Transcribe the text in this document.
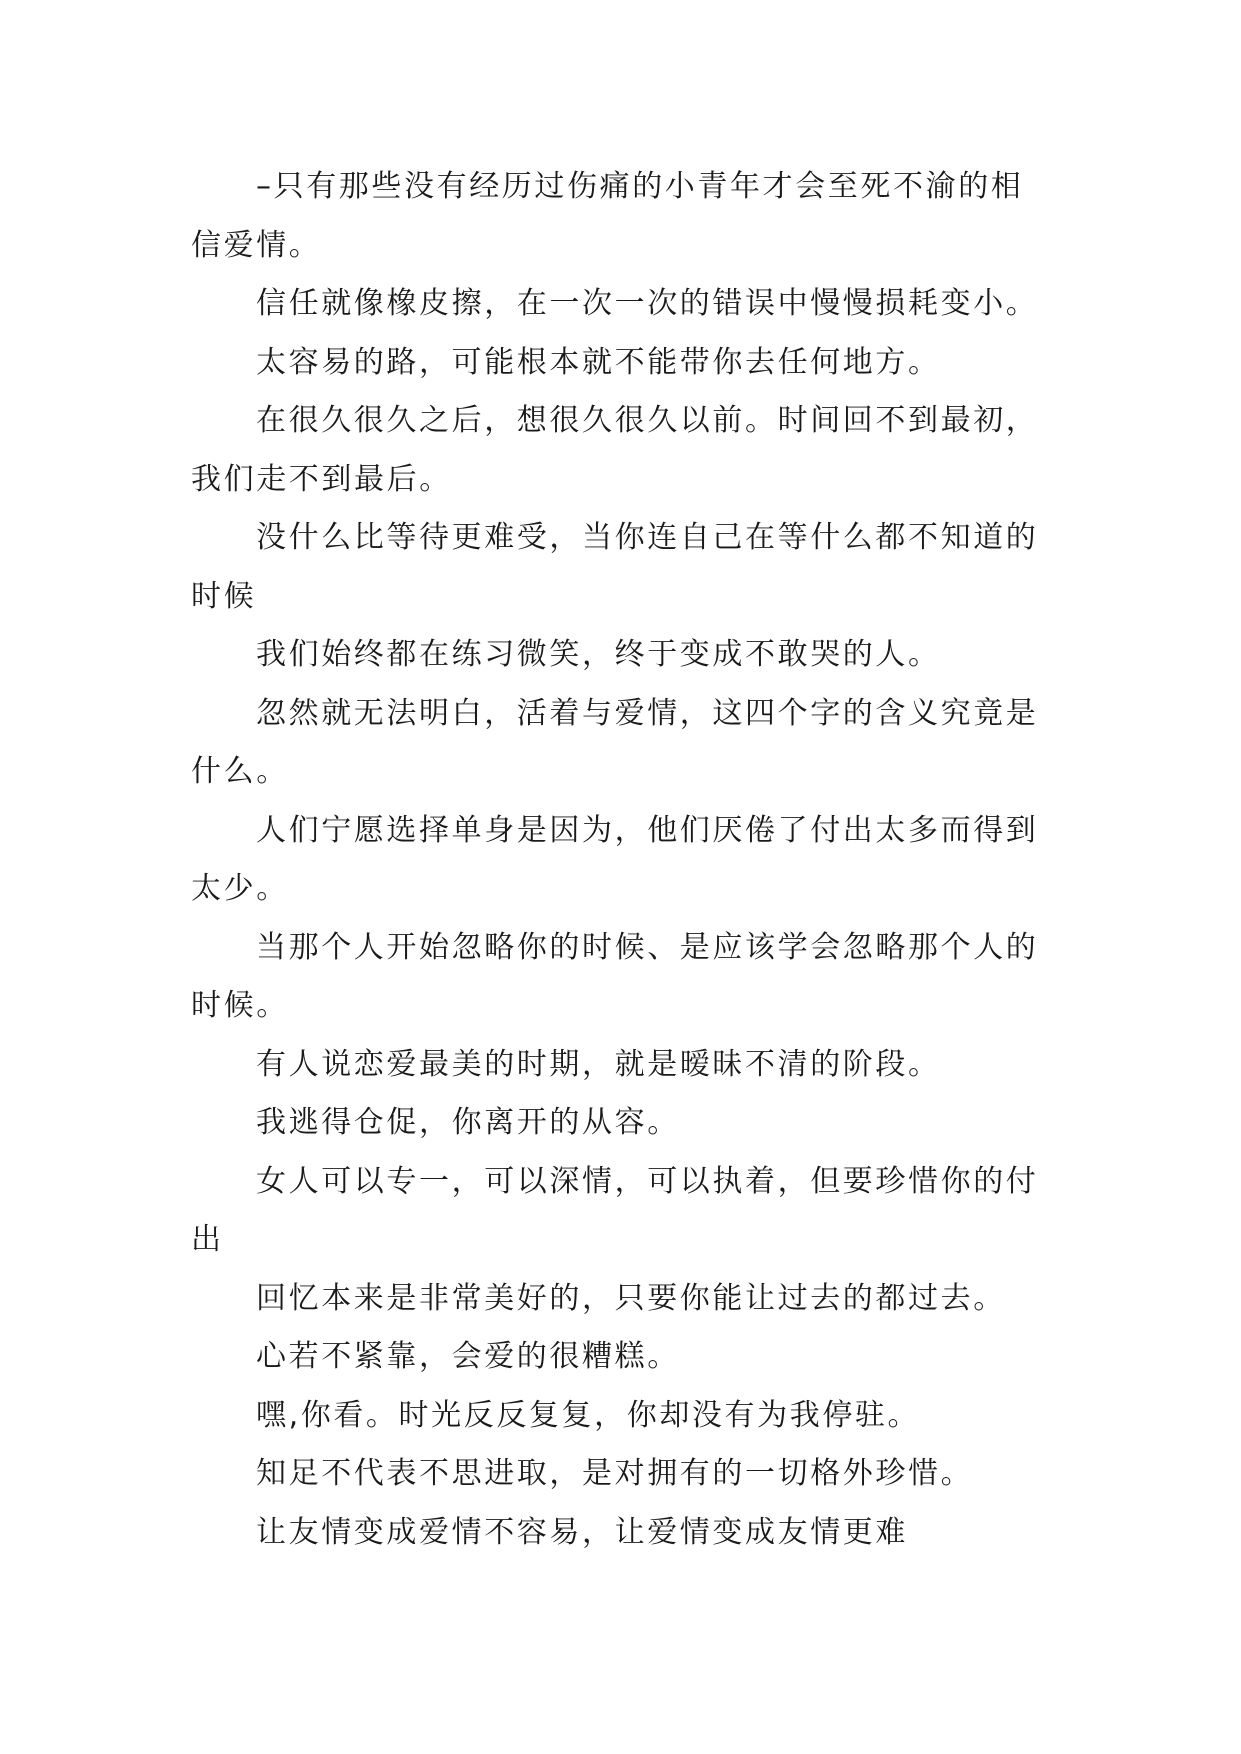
–只有那些没有经历过伤痛的小青年才会至死不渝的相信爱情。

信任就像橡皮擦，在一次一次的错误中慢慢损耗变小。

太容易的路，可能根本就不能带你去任何地方。

在很久很久之后，想很久很久以前。时间回不到最初，我们走不到最后。

没什么比等待更难受，当你连自己在等什么都不知道的时候

我们始终都在练习微笑，终于变成不敢哭的人。

忽然就无法明白，活着与爱情，这四个字的含义究竟是什么。

人们宁愿选择单身是因为，他们厌倦了付出太多而得到太少。

当那个人开始忽略你的时候、是应该学会忽略那个人的时候。

有人说恋爱最美的时期，就是暧昧不清的阶段。

我逃得仓促，你离开的从容。

女人可以专一，可以深情，可以执着，但要珍惜你的付出

回忆本来是非常美好的，只要你能让过去的都过去。

心若不紧靠，会爱的很糟糕。

嘿,你看。时光反反复复，你却没有为我停驻。

知足不代表不思进取，是对拥有的一切格外珍惜。

让友情变成爱情不容易，让爱情变成友情更难
